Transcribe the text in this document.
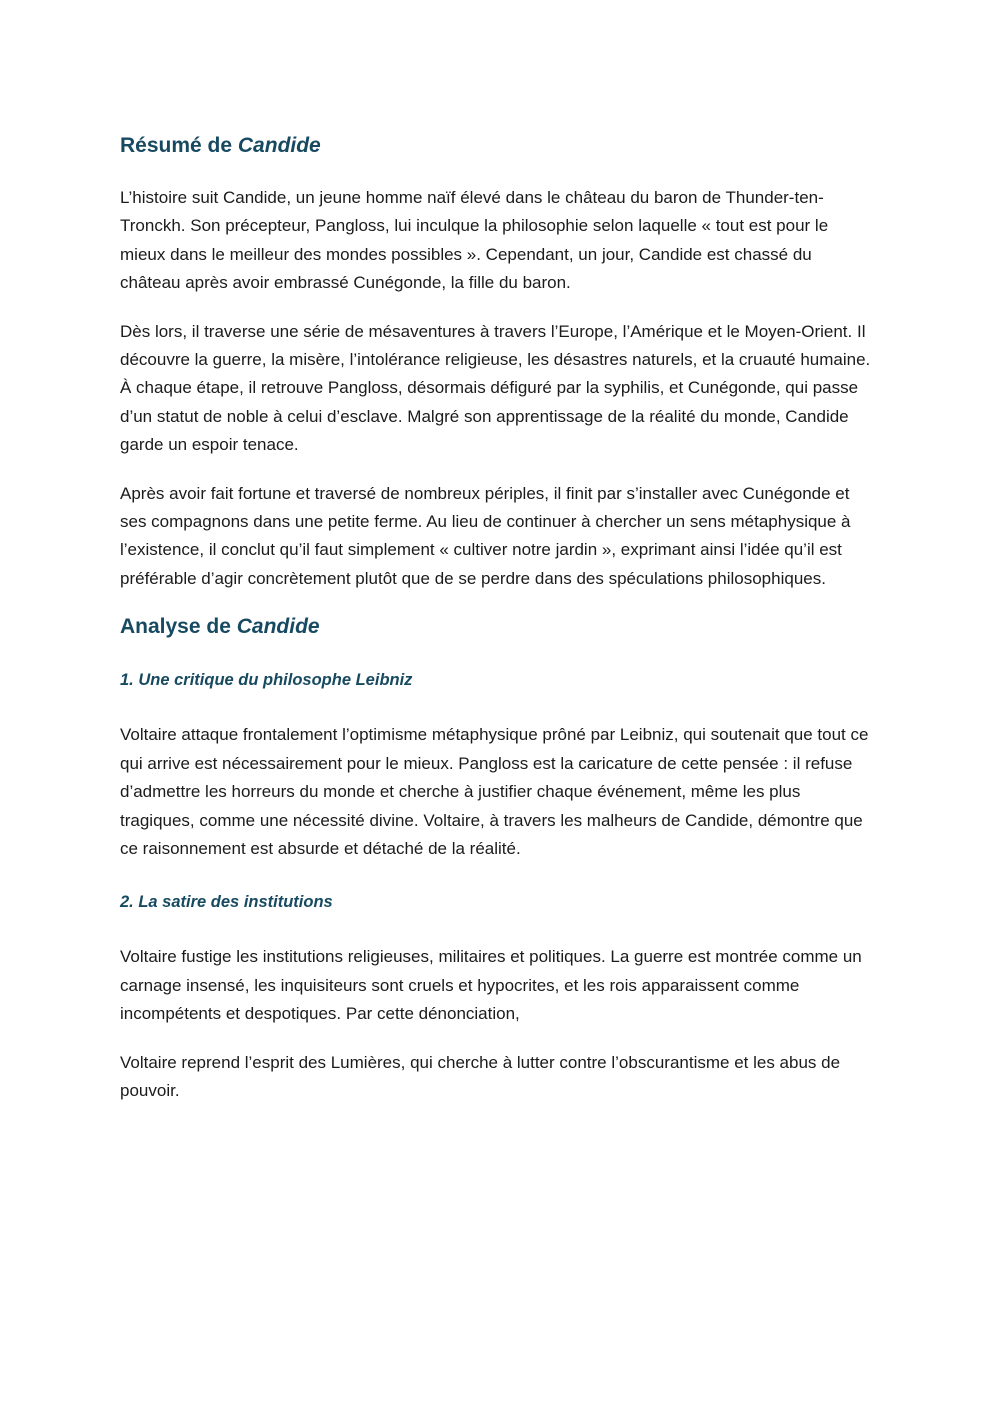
Résumé de Candide

L’histoire suit Candide, un jeune homme naïf élevé dans le château du baron de Thunder-ten-Tronckh. Son précepteur, Pangloss, lui inculque la philosophie selon laquelle « tout est pour le mieux dans le meilleur des mondes possibles ». Cependant, un jour, Candide est chassé du château après avoir embrassé Cunégonde, la fille du baron.

Dès lors, il traverse une série de mésaventures à travers l’Europe, l’Amérique et le Moyen-Orient. Il découvre la guerre, la misère, l’intolérance religieuse, les désastres naturels, et la cruauté humaine. À chaque étape, il retrouve Pangloss, désormais défiguré par la syphilis, et Cunégonde, qui passe d’un statut de noble à celui d’esclave. Malgré son apprentissage de la réalité du monde, Candide garde un espoir tenace.

Après avoir fait fortune et traversé de nombreux périples, il finit par s’installer avec Cunégonde et ses compagnons dans une petite ferme. Au lieu de continuer à chercher un sens métaphysique à l’existence, il conclut qu’il faut simplement « cultiver notre jardin », exprimant ainsi l’idée qu’il est préférable d’agir concrètement plutôt que de se perdre dans des spéculations philosophiques.

Analyse de Candide
1. Une critique du philosophe Leibniz

Voltaire attaque frontalement l’optimisme métaphysique prôné par Leibniz, qui soutenait que tout ce qui arrive est nécessairement pour le mieux. Pangloss est la caricature de cette pensée : il refuse d’admettre les horreurs du monde et cherche à justifier chaque événement, même les plus tragiques, comme une nécessité divine. Voltaire, à travers les malheurs de Candide, démontre que ce raisonnement est absurde et détaché de la réalité.

2. La satire des institutions

Voltaire fustige les institutions religieuses, militaires et politiques. La guerre est montrée comme un carnage insensé, les inquisiteurs sont cruels et hypocrites, et les rois apparaissent comme incompétents et despotiques. Par cette dénonciation,

Voltaire reprend l’esprit des Lumières, qui cherche à lutter contre l’obscurantisme et les abus de pouvoir.
